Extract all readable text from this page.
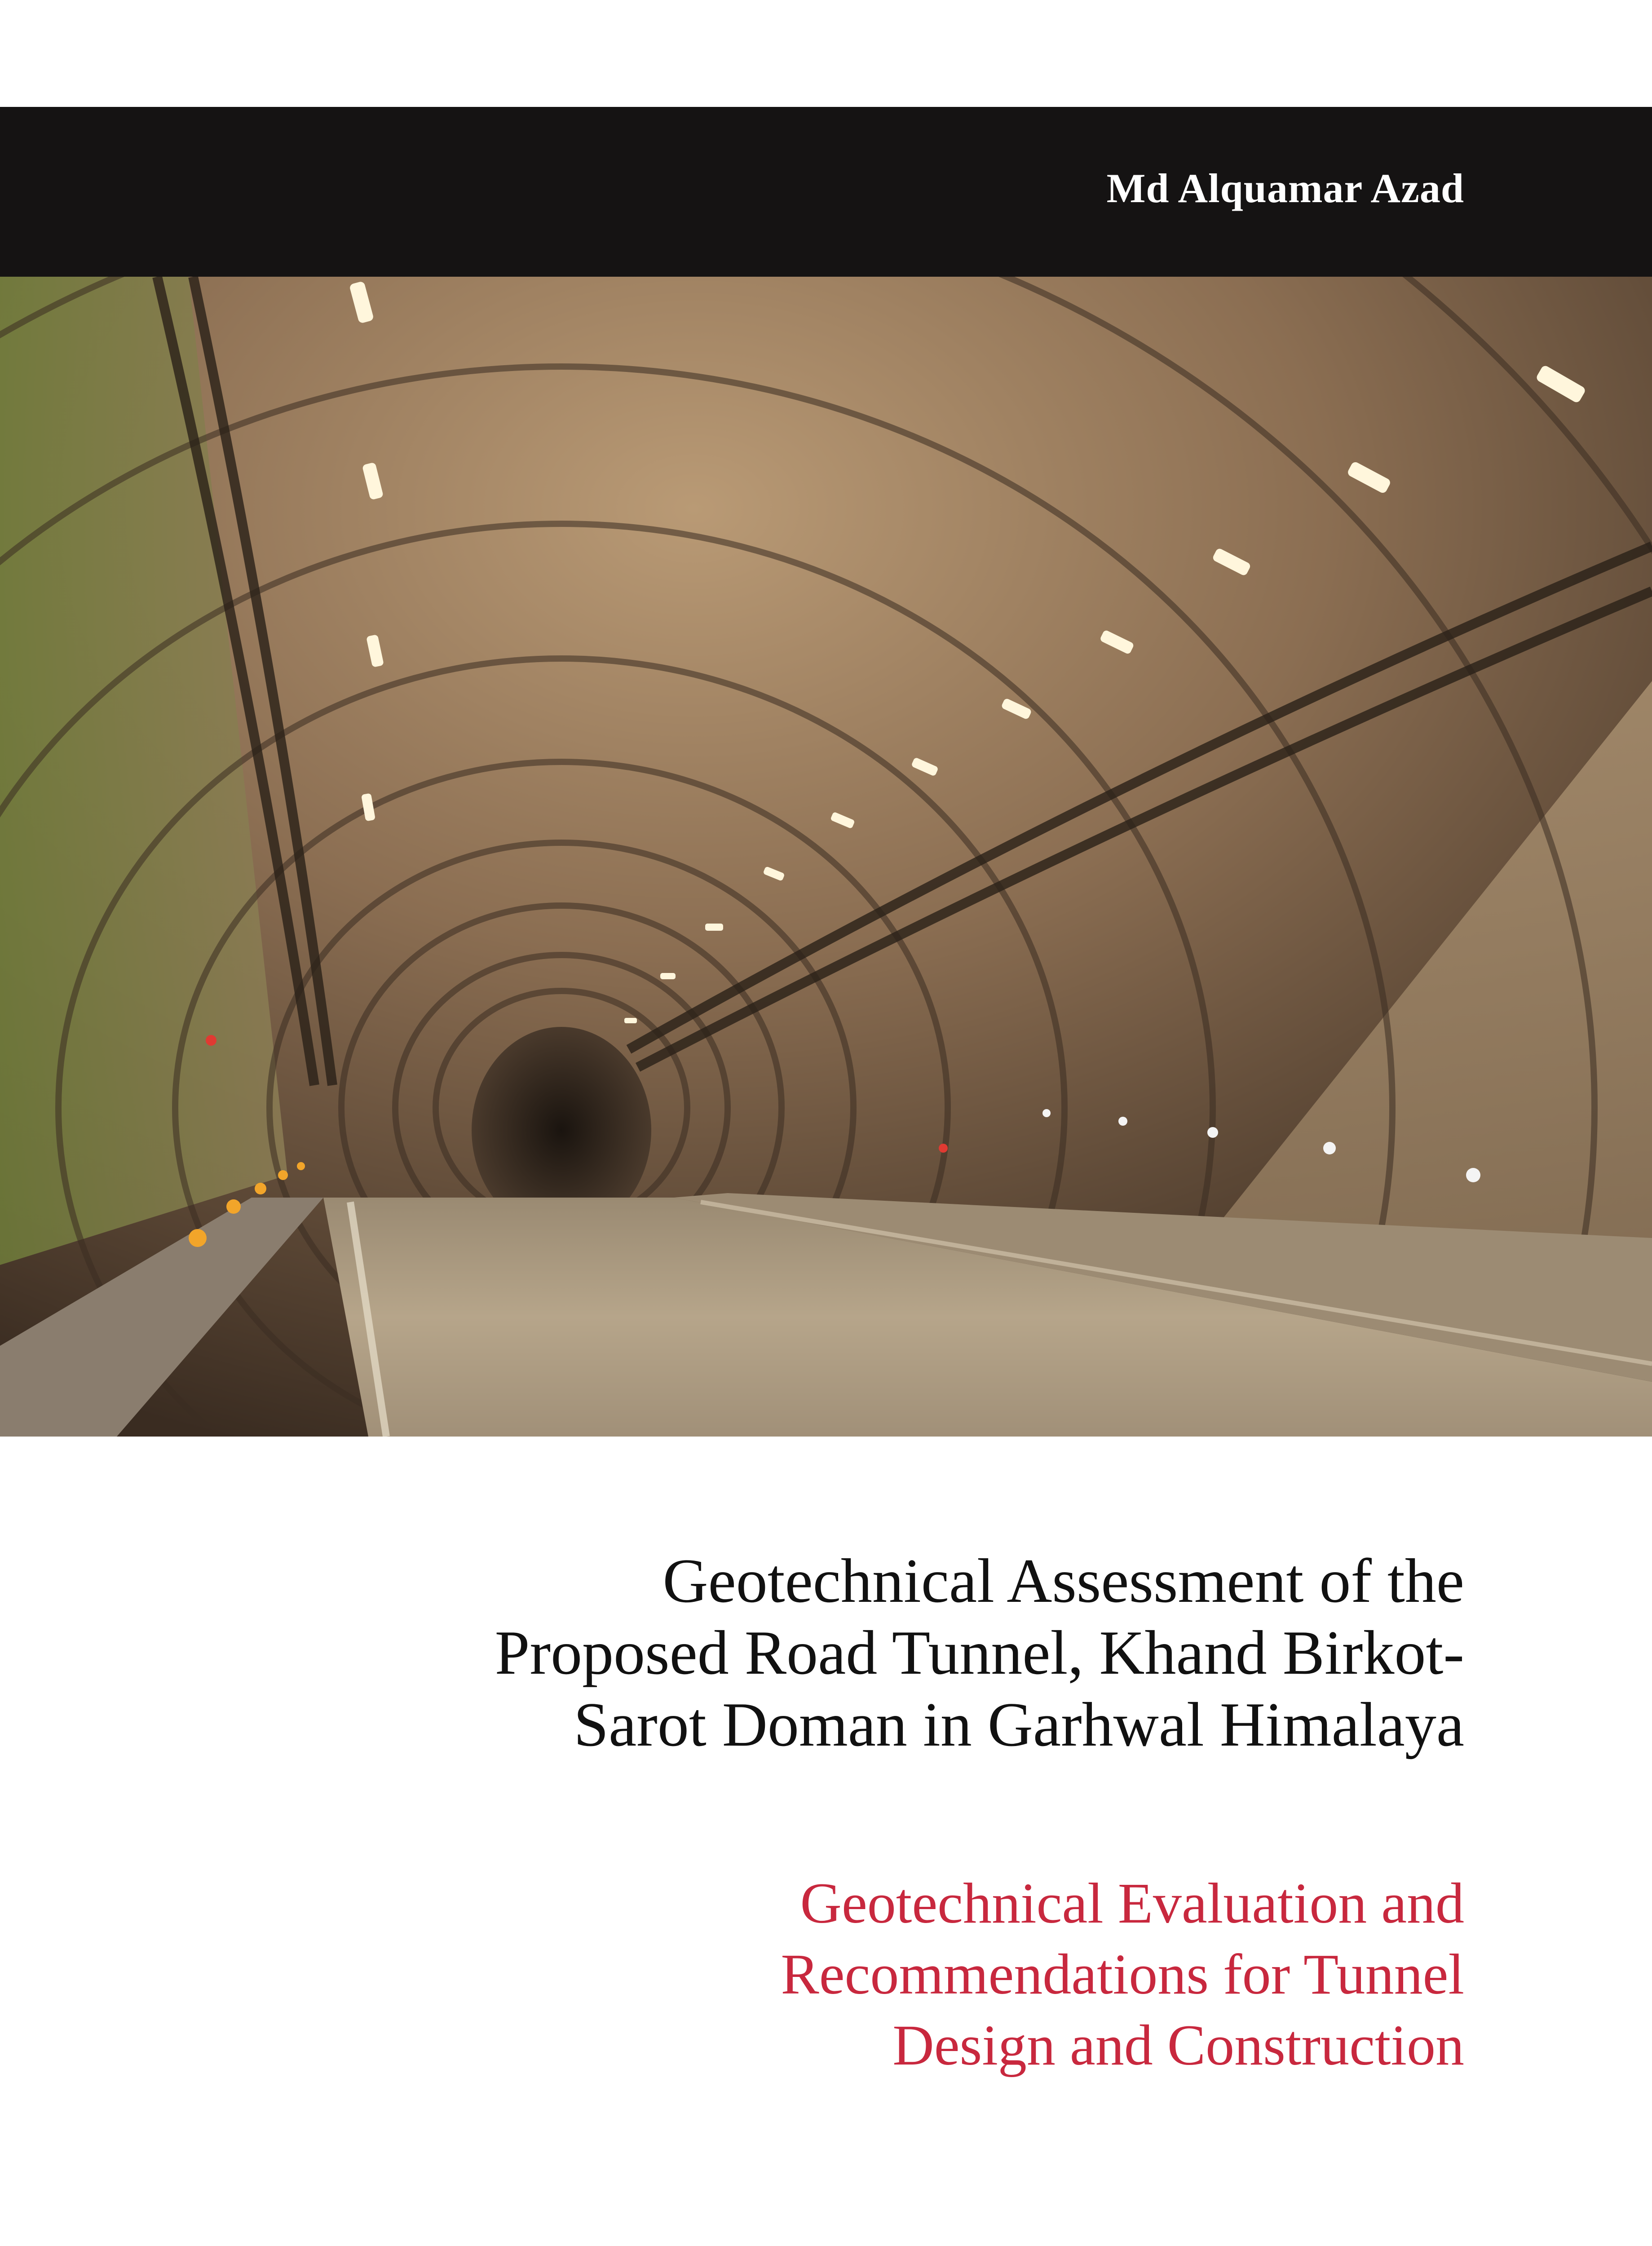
Md Alquamar Azad
Geotechnical Assessment of the
Proposed Road Tunnel, Khand Birkot-
Sarot Doman in Garhwal Himalaya
Geotechnical Evaluation and
Recommendations for Tunnel
Design and Construction
